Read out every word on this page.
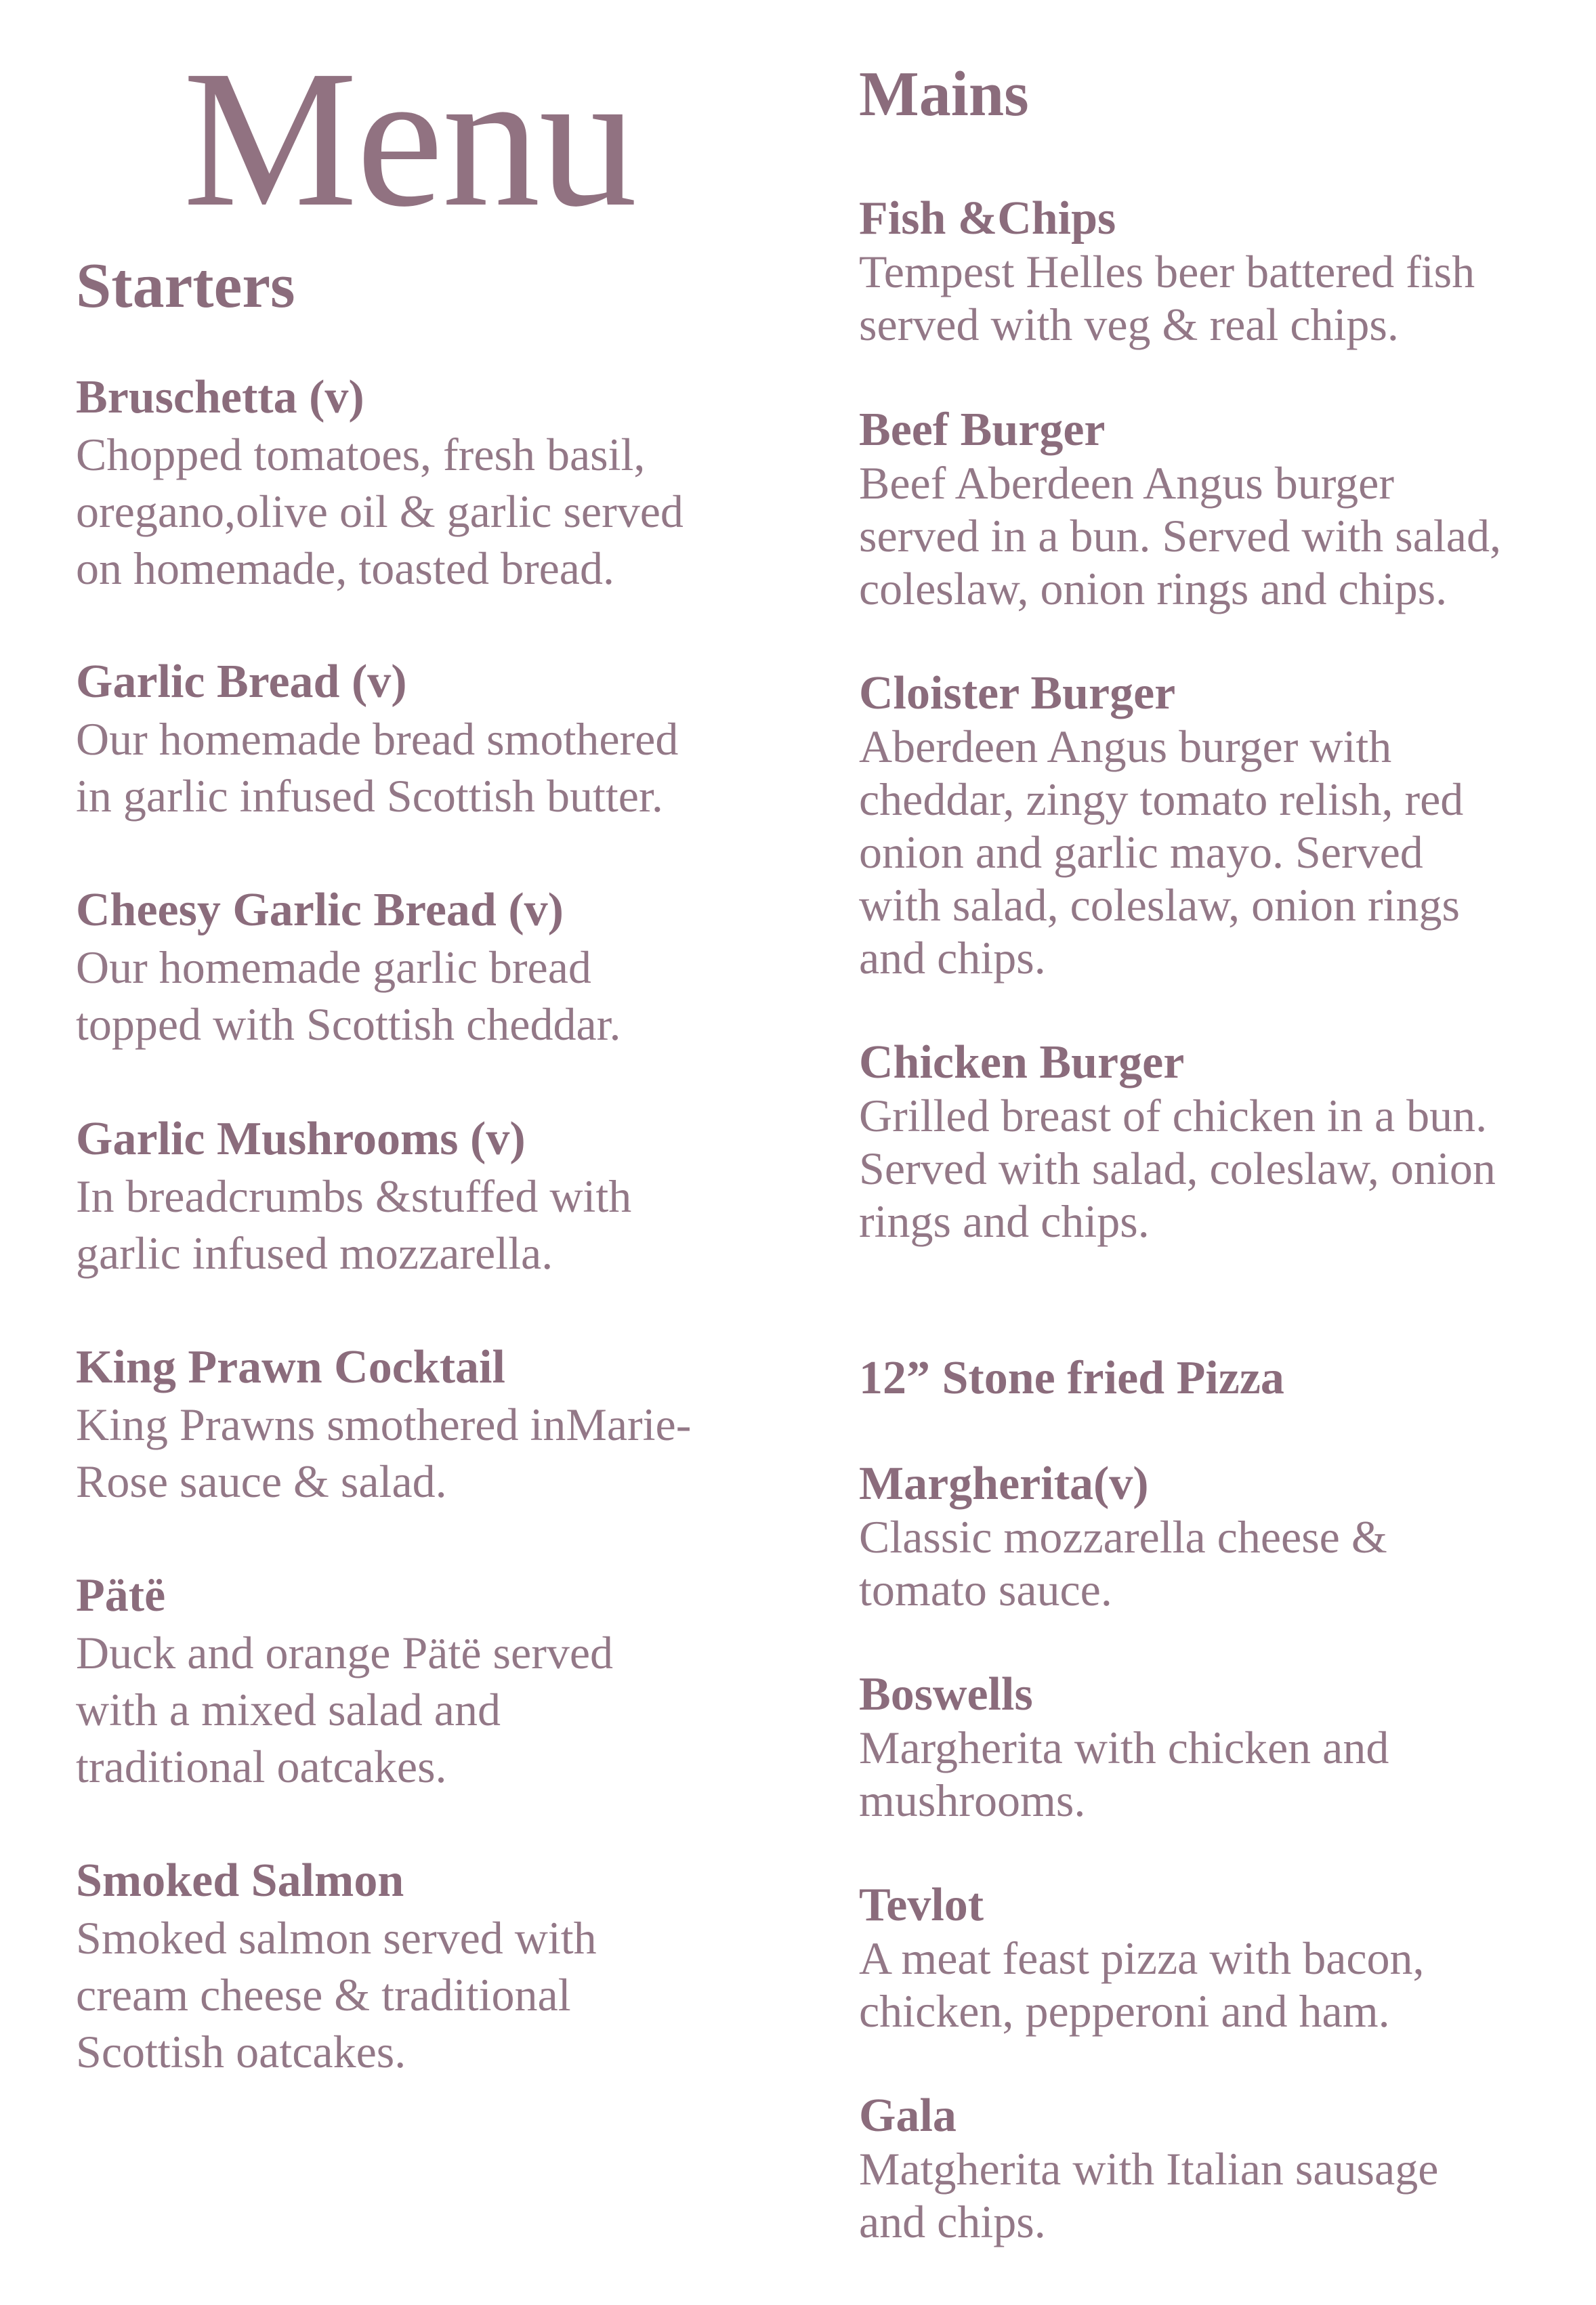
Menu
Starters
Bruschetta (v)
Chopped tomatoes, fresh basil,
oregano,olive oil & garlic served
on homemade, toasted bread.
Garlic Bread (v)
Our homemade bread smothered
in garlic infused Scottish butter.
Cheesy Garlic Bread (v)
Our homemade garlic bread
topped with Scottish cheddar.
Garlic Mushrooms (v)
In breadcrumbs &stuffed with
garlic infused mozzarella.
King Prawn Cocktail
King Prawns smothered inMarie-
Rose sauce & salad.
Pätë
Duck and orange Pätë served
with a mixed salad and
traditional oatcakes.
Smoked Salmon
Smoked salmon served with
cream cheese & traditional
Scottish oatcakes.
Mains
Fish &Chips
Tempest Helles beer battered fish
served with veg & real chips.
Beef Burger
Beef Aberdeen Angus burger
served in a bun. Served with salad,
coleslaw, onion rings and chips.
Cloister Burger
Aberdeen Angus burger with
cheddar, zingy tomato relish, red
onion and garlic mayo. Served
with salad, coleslaw, onion rings
and chips.
Chicken Burger
Grilled breast of chicken in a bun.
Served with salad, coleslaw, onion
rings and chips.
12” Stone fried Pizza
Margherita(v)
Classic mozzarella cheese &
tomato sauce.
Boswells
Margherita with chicken and
mushrooms.
Tevlot
A meat feast pizza with bacon,
chicken, pepperoni and ham.
Gala
Matgherita with Italian sausage
and chips.
